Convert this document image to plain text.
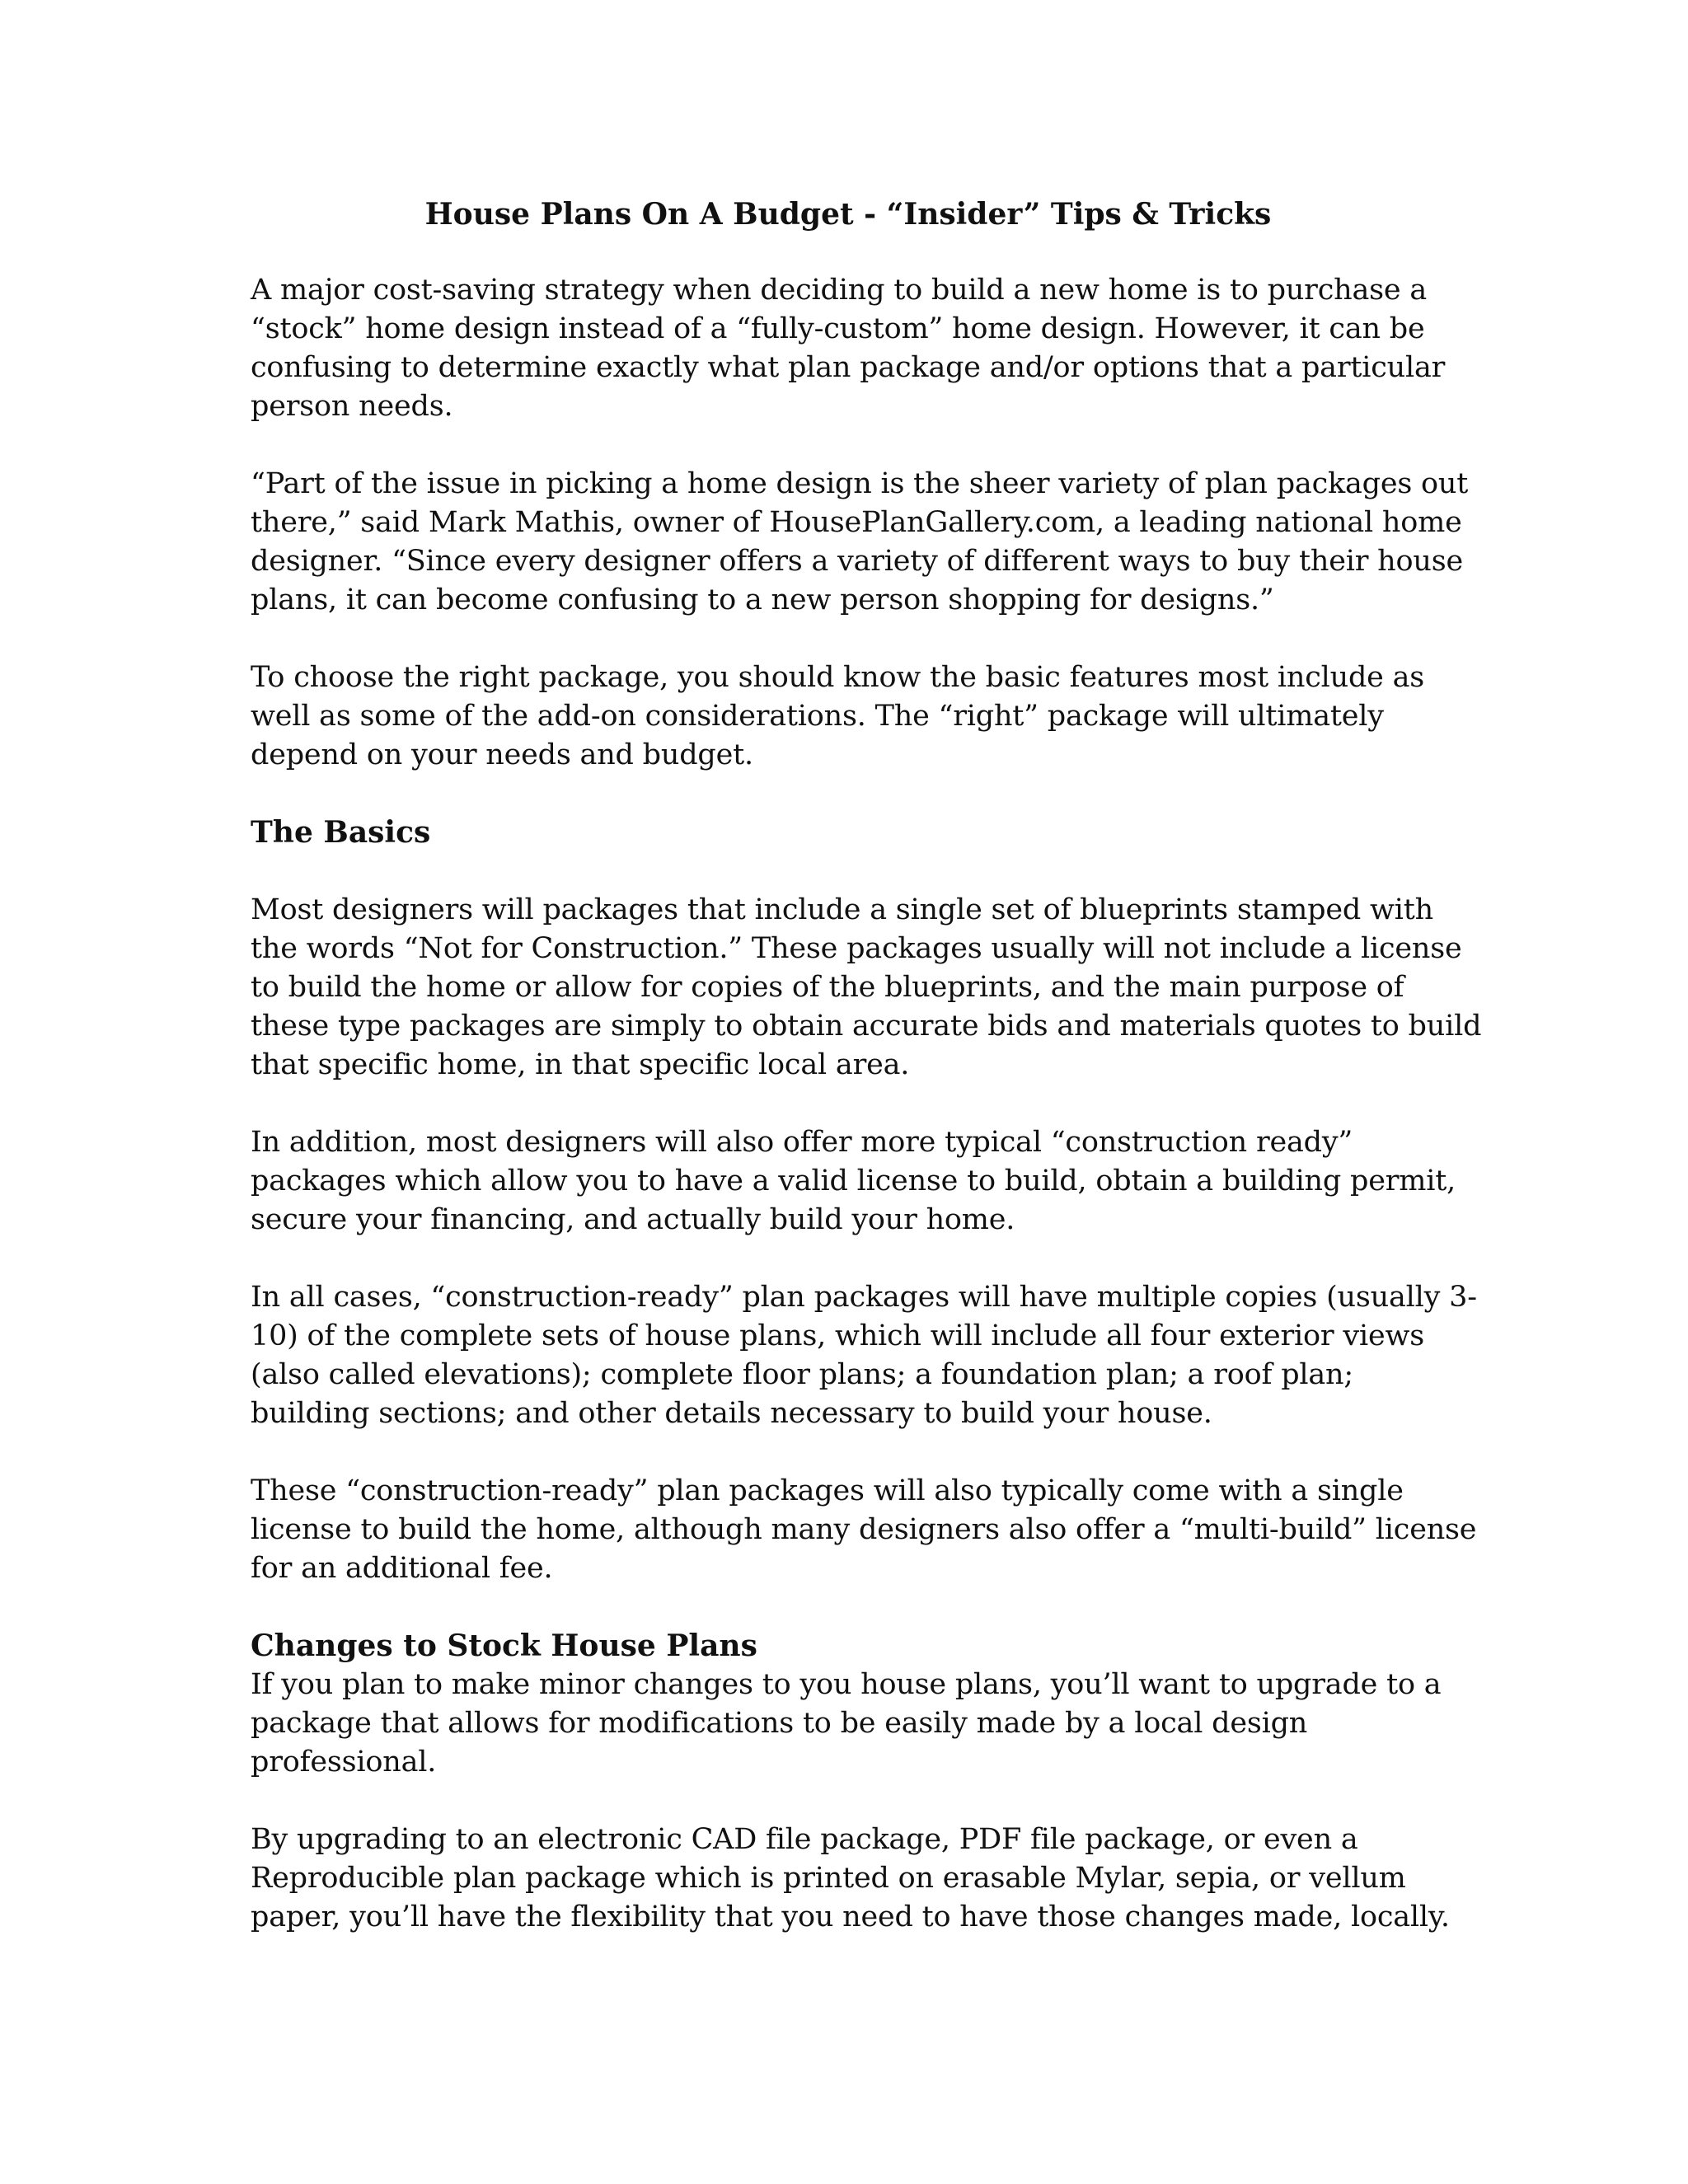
House Plans On A Budget - “Insider” Tips & Tricks

A major cost-saving strategy when deciding to build a new home is to purchase a
“stock” home design instead of a “fully-custom” home design. However, it can be
confusing to determine exactly what plan package and/or options that a particular
person needs.

“Part of the issue in picking a home design is the sheer variety of plan packages out
there,” said Mark Mathis, owner of HousePlanGallery.com, a leading national home
designer. “Since every designer offers a variety of different ways to buy their house
plans, it can become confusing to a new person shopping for designs.”

To choose the right package, you should know the basic features most include as
well as some of the add-on considerations. The “right” package will ultimately
depend on your needs and budget.

The Basics

Most designers will packages that include a single set of blueprints stamped with
the words “Not for Construction.” These packages usually will not include a license
to build the home or allow for copies of the blueprints, and the main purpose of
these type packages are simply to obtain accurate bids and materials quotes to build
that specific home, in that specific local area.

In addition, most designers will also offer more typical “construction ready”
packages which allow you to have a valid license to build, obtain a building permit,
secure your financing, and actually build your home.

In all cases, “construction-ready” plan packages will have multiple copies (usually 3-
10) of the complete sets of house plans, which will include all four exterior views
(also called elevations); complete floor plans; a foundation plan; a roof plan;
building sections; and other details necessary to build your house.

These “construction-ready” plan packages will also typically come with a single
license to build the home, although many designers also offer a “multi-build” license
for an additional fee.

Changes to Stock House Plans

If you plan to make minor changes to you house plans, you’ll want to upgrade to a
package that allows for modifications to be easily made by a local design
professional.

By upgrading to an electronic CAD file package, PDF file package, or even a
Reproducible plan package which is printed on erasable Mylar, sepia, or vellum
paper, you’ll have the flexibility that you need to have those changes made, locally.
